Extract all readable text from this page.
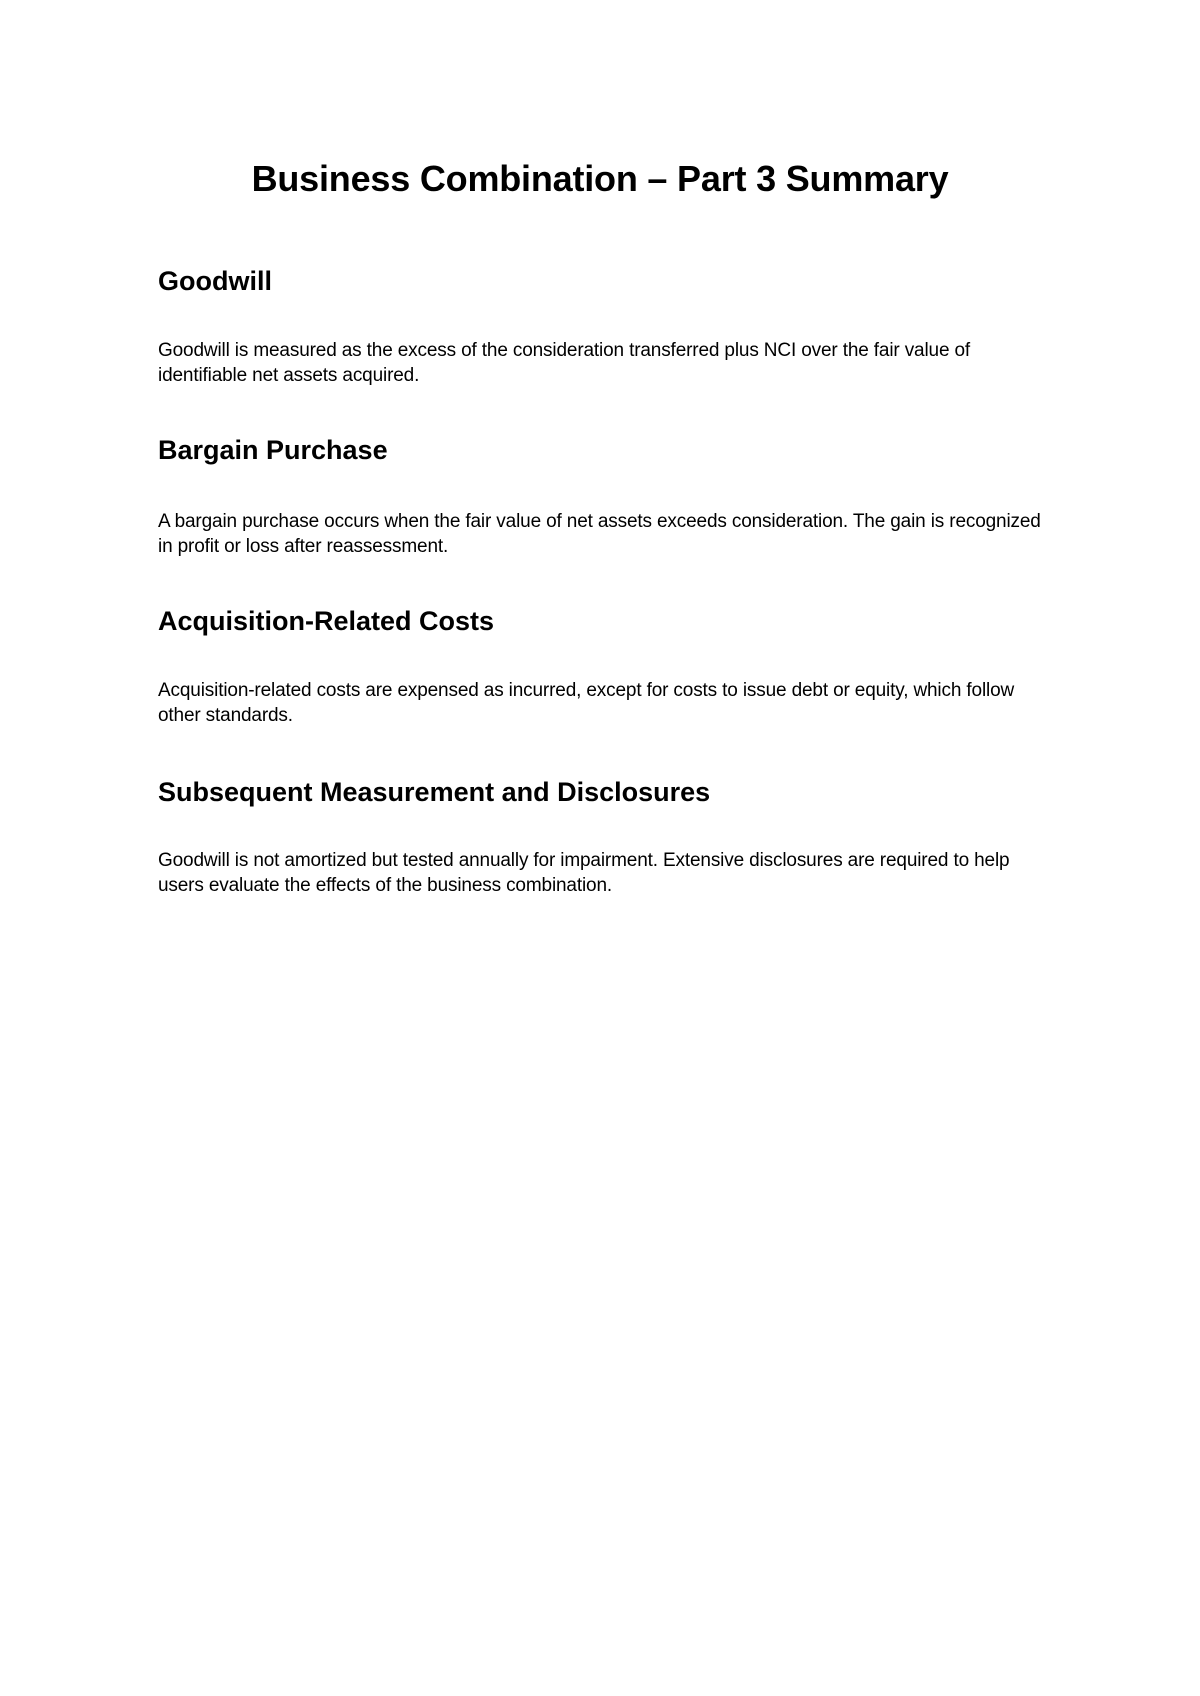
Business Combination – Part 3 Summary
Goodwill

Goodwill is measured as the excess of the consideration transferred plus NCI over the fair value of identifiable net assets acquired.

Bargain Purchase

A bargain purchase occurs when the fair value of net assets exceeds consideration. The gain is recognized in profit or loss after reassessment.

Acquisition-Related Costs

Acquisition-related costs are expensed as incurred, except for costs to issue debt or equity, which follow other standards.

Subsequent Measurement and Disclosures

Goodwill is not amortized but tested annually for impairment. Extensive disclosures are required to help users evaluate the effects of the business combination.
